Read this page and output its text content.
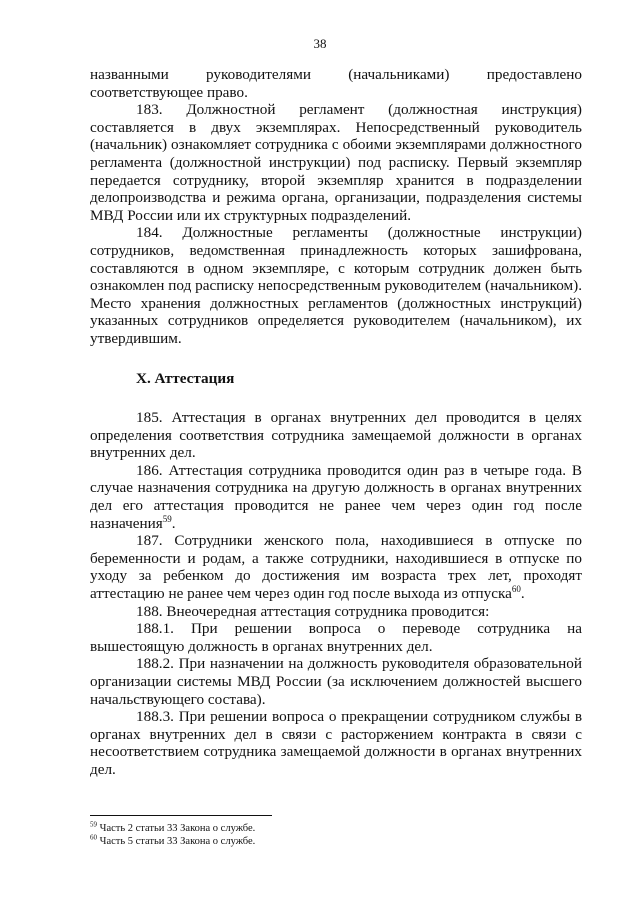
38

названными руководителями (начальниками) предоставлено соответствующее право.

183. Должностной регламент (должностная инструкция) составляется в двух экземплярах. Непосредственный руководитель (начальник) ознакомляет сотрудника с обоими экземплярами должностного регламента (должностной инструкции) под расписку. Первый экземпляр передается сотруднику, второй экземпляр хранится в подразделении делопроизводства и режима органа, организации, подразделения системы МВД России или их структурных подразделений.

184. Должностные регламенты (должностные инструкции) сотрудников, ведомственная принадлежность которых зашифрована, составляются в одном экземпляре, с которым сотрудник должен быть ознакомлен под расписку непосредственным руководителем (начальником). Место хранения должностных регламентов (должностных инструкций) указанных сотрудников определяется руководителем (начальником), их утвердившим.

X. Аттестация

185. Аттестация в органах внутренних дел проводится в целях определения соответствия сотрудника замещаемой должности в органах внутренних дел.

186. Аттестация сотрудника проводится один раз в четыре года. В случае назначения сотрудника на другую должность в органах внутренних дел его аттестация проводится не ранее чем через один год после назначения$^{59}$.

187. Сотрудники женского пола, находившиеся в отпуске по беременности и родам, а также сотрудники, находившиеся в отпуске по уходу за ребенком до достижения им возраста трех лет, проходят аттестацию не ранее чем через один год после выхода из отпуска$^{60}$.

188. Внеочередная аттестация сотрудника проводится:

188.1. При решении вопроса о переводе сотрудника на вышестоящую должность в органах внутренних дел.

188.2. При назначении на должность руководителя образовательной организации системы МВД России (за исключением должностей высшего начальствующего состава).

188.3. При решении вопроса о прекращении сотрудником службы в органах внутренних дел в связи с расторжением контракта в связи с несоответствием сотрудника замещаемой должности в органах внутренних дел.

$^{59}$ Часть 2 статьи 33 Закона о службе.

$^{60}$ Часть 5 статьи 33 Закона о службе.
